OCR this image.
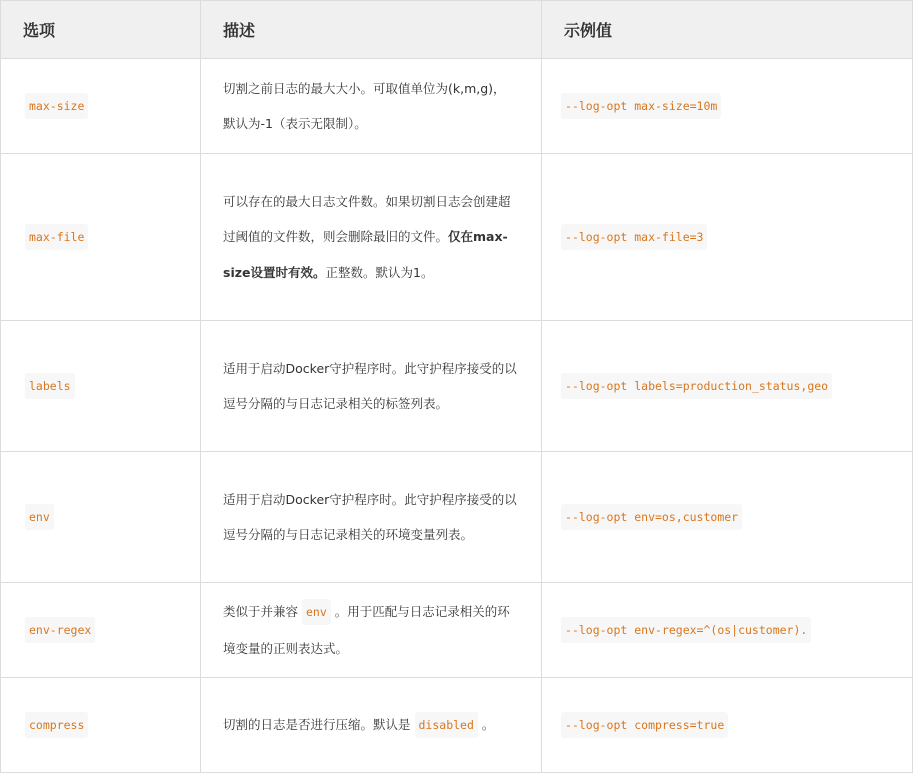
选项	描述	示例值
max-size	切割之前日志的最大大小。可取值单位为(k,m,g)， 默认为-1（表示无限制）。	--log-opt max-size=10m
max-file	可以存在的最大日志文件数。如果切割日志会创建超过阈值的文件数，则会删除最旧的文件。仅在max-size设置时有效。正整数。默认为1。	--log-opt max-file=3
labels	适用于启动Docker守护程序时。此守护程序接受的以逗号分隔的与日志记录相关的标签列表。	--log-opt labels=production_status,geo
env	适用于启动Docker守护程序时。此守护程序接受的以逗号分隔的与日志记录相关的环境变量列表。	--log-opt env=os,customer
env-regex	类似于并兼容 env 。用于匹配与日志记录相关的环境变量的正则表达式。	--log-opt env-regex=^(os|customer).
compress	切割的日志是否进行压缩。默认是 disabled 。	--log-opt compress=true
